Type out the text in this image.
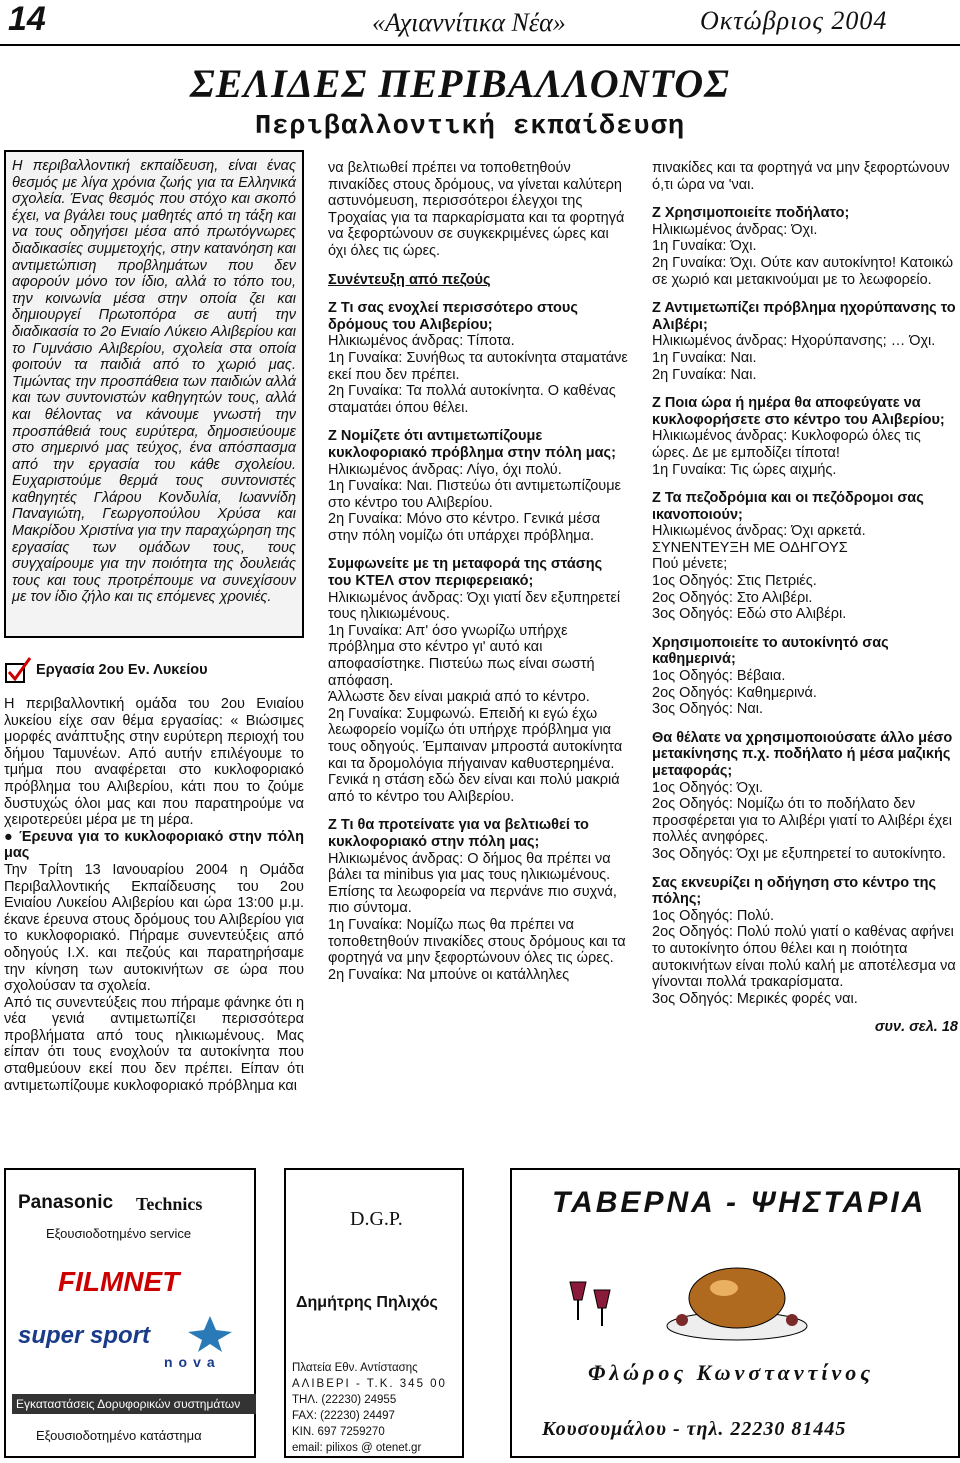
14	«Αχιαννίτικα Νέα»	Οκτώβριος 2004
ΣΕΛΙΔΕΣ ΠΕΡΙΒΑΛΛΟΝΤΟΣ
Περιβαλλοντική εκπαίδευση

Η περιβαλλοντική εκπαίδευση, είναι ένας θεσμός με λίγα χρόνια ζωής για τα Ελληνικά σχολεία. Ένας θεσμός που στόχο και σκοπό έχει, να βγάλει τους μαθητές από τη τάξη και να τους οδηγήσει μέσα από πρωτόγνωρες διαδικασίες συμμετοχής, στην κατανόηση και αντιμετώπιση προβλημάτων που δεν αφορούν μόνο τον ίδιο, αλλά το τόπο του, την κοινωνία μέσα στην οποία ζει και δημιουργεί Πρωτοπόρα σε αυτή την διαδικασία το 2ο Ενιαίο Λύκειο Αλιβερίου και το Γυμνάσιο Αλιβερίου, σχολεία στα οποία φοιτούν τα παιδιά από το χωριό μας. Τιμώντας την προσπάθεια των παιδιών αλλά και των συντονιστών καθηγητών τους, αλλά και θέλοντας να κάνουμε γνωστή την προσπάθειά τους ευρύτερα, δημοσιεύουμε στο σημερινό μας τεύχος, ένα απόσπασμα από την εργασία του κάθε σχολείου. Ευχαριστούμε θερμά τους συντονιστές καθηγητές Γλάρου Κονδυλία, Ιωαννίδη Παναγιώτη, Γεωργοπούλου Χρύσα και Μακρίδου Χριστίνα για την παραχώρηση της εργασίας των ομάδων τους, τους συγχαίρουμε για την ποιότητα της δουλειάς τους και τους προτρέπουμε να συνεχίσουν με τον ίδιο ζήλο και τις επόμενες χρονιές.

Εργασία 2ου Εν. Λυκείου

Η περιβαλλοντική ομάδα του 2ου Ενιαίου λυκείου είχε σαν θέμα εργασίας: « Βιώσιμες μορφές ανάπτυξης στην ευρύτερη περιοχή του δήμου Ταμυνέων. Από αυτήν επιλέγουμε το τμήμα που αναφέρεται στο κυκλοφοριακό πρόβλημα του Αλιβερίου, κάτι που το ζούμε δυστυχώς όλοι μας και που παρατηρούμε να χειροτερεύει μέρα με τη μέρα.

● Έρευνα για το κυκλοφοριακό στην πόλη μας

Την Τρίτη 13 Ιανουαρίου 2004 η Ομάδα Περιβαλλοντικής Εκπαίδευσης του 2ου Ενιαίου Λυκείου Αλιβερίου και ώρα 13:00 μ.μ. έκανε έρευνα στους δρόμους του Αλιβερίου για το κυκλοφοριακό. Πήραμε συνεντεύξεις από οδηγούς Ι.Χ. και πεζούς και παρατηρήσαμε την κίνηση των αυτοκινήτων σε ώρα που σχολούσαν τα σχολεία.

Από τις συνεντεύξεις που πήραμε φάνηκε ότι η νέα γενιά αντιμετωπίζει περισσότερα προβλήματα από τους ηλικιωμένους. Μας είπαν ότι τους ενοχλούν τα αυτοκίνητα που σταθμεύουν εκεί που δεν πρέπει. Είπαν ότι αντιμετωπίζουμε κυκλοφοριακό πρόβλημα και

να βελτιωθεί πρέπει να τοποθετηθούν πινακίδες στους δρόμους, να γίνεται καλύτερη αστυνόμευση, περισσότεροι έλεγχοι της Τροχαίας για τα παρκαρίσματα και τα φορτηγά να ξεφορτώνουν σε συγκεκριμένες ώρες και όχι όλες τις ώρες.

Συνέντευξη από πεζούς

Ζ Τι σας ενοχλεί περισσότερο στους δρόμους του Αλιβερίου;

Ηλικιωμένος άνδρας: Τίποτα.
1η Γυναίκα: Συνήθως τα αυτοκίνητα σταματάνε εκεί που δεν πρέπει.
2η Γυναίκα: Τα πολλά αυτοκίνητα. Ο καθένας σταματάει όπου θέλει.

Ζ Νομίζετε ότι αντιμετωπίζουμε κυκλοφοριακό πρόβλημα στην πόλη μας;

Ηλικιωμένος άνδρας: Λίγο, όχι πολύ.
1η Γυναίκα: Ναι. Πιστεύω ότι αντιμετωπίζουμε στο κέντρο του Αλιβερίου.
2η Γυναίκα: Μόνο στο κέντρο. Γενικά μέσα στην πόλη νομίζω ότι υπάρχει πρόβλημα.

Συμφωνείτε με τη μεταφορά της στάσης του ΚΤΕΛ στον περιφερειακό;

Ηλικιωμένος άνδρας: Όχι γιατί δεν εξυπηρετεί τους ηλικιωμένους.
1η Γυναίκα: Απ' όσο γνωρίζω υπήρχε πρόβλημα στο κέντρο γι' αυτό και αποφασίστηκε. Πιστεύω πως είναι σωστή απόφαση.
Άλλωστε δεν είναι μακριά από το κέντρο.
2η Γυναίκα: Συμφωνώ. Επειδή κι εγώ έχω λεωφορείο νομίζω ότι υπήρχε πρόβλημα για τους οδηγούς. Έμπαιναν μπροστά αυτοκίνητα και τα δρομολόγια πήγαιναν καθυστερημένα. Γενικά η στάση εδώ δεν είναι και πολύ μακριά από το κέντρο του Αλιβερίου.

Ζ Τι θα προτείνατε για να βελτιωθεί το κυκλοφοριακό στην πόλη μας;

Ηλικιωμένος άνδρας: Ο δήμος θα πρέπει να βάλει τα minibus για μας τους ηλικιωμένους. Επίσης τα λεωφορεία να περνάνε πιο συχνά, πιο σύντομα.
1η Γυναίκα: Νομίζω πως θα πρέπει να τοποθετηθούν πινακίδες στους δρόμους και τα φορτηγά να μην ξεφορτώνουν όλες τις ώρες.
2η Γυναίκα: Να μπούνε οι κατάλληλες

πινακίδες και τα φορτηγά να μην ξεφορτώνουν ό,τι ώρα να 'ναι.

Ζ Χρησιμοποιείτε ποδήλατο;

Ηλικιωμένος άνδρας: Όχι.
1η Γυναίκα: Όχι.
2η Γυναίκα: Όχι. Ούτε καν αυτοκίνητο! Κατοικώ σε χωριό και μετακινούμαι με το λεωφορείο.

Ζ Αντιμετωπίζει πρόβλημα ηχορύπανσης το Αλιβέρι;

Ηλικιωμένος άνδρας: Ηχορύπανσης; … Όχι.
1η Γυναίκα: Ναι.
2η Γυναίκα: Ναι.

Ζ Ποια ώρα ή ημέρα θα αποφεύγατε να κυκλοφορήσετε στο κέντρο του Αλιβερίου;

Ηλικιωμένος άνδρας: Κυκλοφορώ όλες τις ώρες. Δε με εμποδίζει τίποτα!
1η Γυναίκα: Τις ώρες αιχμής.

Ζ Τα πεζοδρόμια και οι πεζόδρομοι σας ικανοποιούν;

Ηλικιωμένος άνδρας: Όχι αρκετά.
ΣΥΝΕΝΤΕΥΞΗ ΜΕ ΟΔΗΓΟΥΣ
Πού μένετε;
1ος Οδηγός: Στις Πετριές.
2ος Οδηγός: Στο Αλιβέρι.
3ος Οδηγός: Εδώ στο Αλιβέρι.

Χρησιμοποιείτε το αυτοκίνητό σας καθημερινά;

1ος Οδηγός: Βέβαια.
2ος Οδηγός: Καθημερινά.
3ος Οδηγός: Ναι.

Θα θέλατε να χρησιμοποιούσατε άλλο μέσο μετακίνησης π.χ. ποδήλατο ή μέσα μαζικής μεταφοράς;

1ος Οδηγός: Όχι.
2ος Οδηγός: Νομίζω ότι το ποδήλατο δεν προσφέρεται για το Αλιβέρι γιατί το Αλιβέρι έχει πολλές ανηφόρες.
3ος Οδηγός: Όχι με εξυπηρετεί το αυτοκίνητο.

Σας εκνευρίζει η οδήγηση στο κέντρο της πόλης;

1ος Οδηγός: Πολύ.
2ος Οδηγός: Πολύ πολύ γιατί ο καθένας αφήνει το αυτοκίνητο όπου θέλει και η ποιότητα αυτοκινήτων είναι πολύ καλή με αποτέλεσμα να γίνονται πολλά τρακαρίσματα.
3ος Οδηγός: Μερικές φορές ναι.

συν. σελ. 18

Panasonic Technics
Εξουσιοδοτημένο service
FILMNET
super sport
nova
Εγκαταστάσεις Δορυφορικών συστημάτων
Εξουσιοδοτημένο κατάστημα
D.G.P.
Δημήτρης Πηλιχός
Πλατεία Εθν. Αντίστασης
ΑΛΙΒΕΡΙ - Τ.Κ. 345 00
ΤΗΛ. (22230) 24955
FAX: (22230) 24497
ΚΙΝ. 697 7259270
email: pilixos @ otenet.gr
ΤΑΒΕΡΝΑ - ΨΗΣΤΑΡΙΑ
Φλώρος Κωνσταντίνος
Κουσουμάλου - τηλ. 22230 81445
